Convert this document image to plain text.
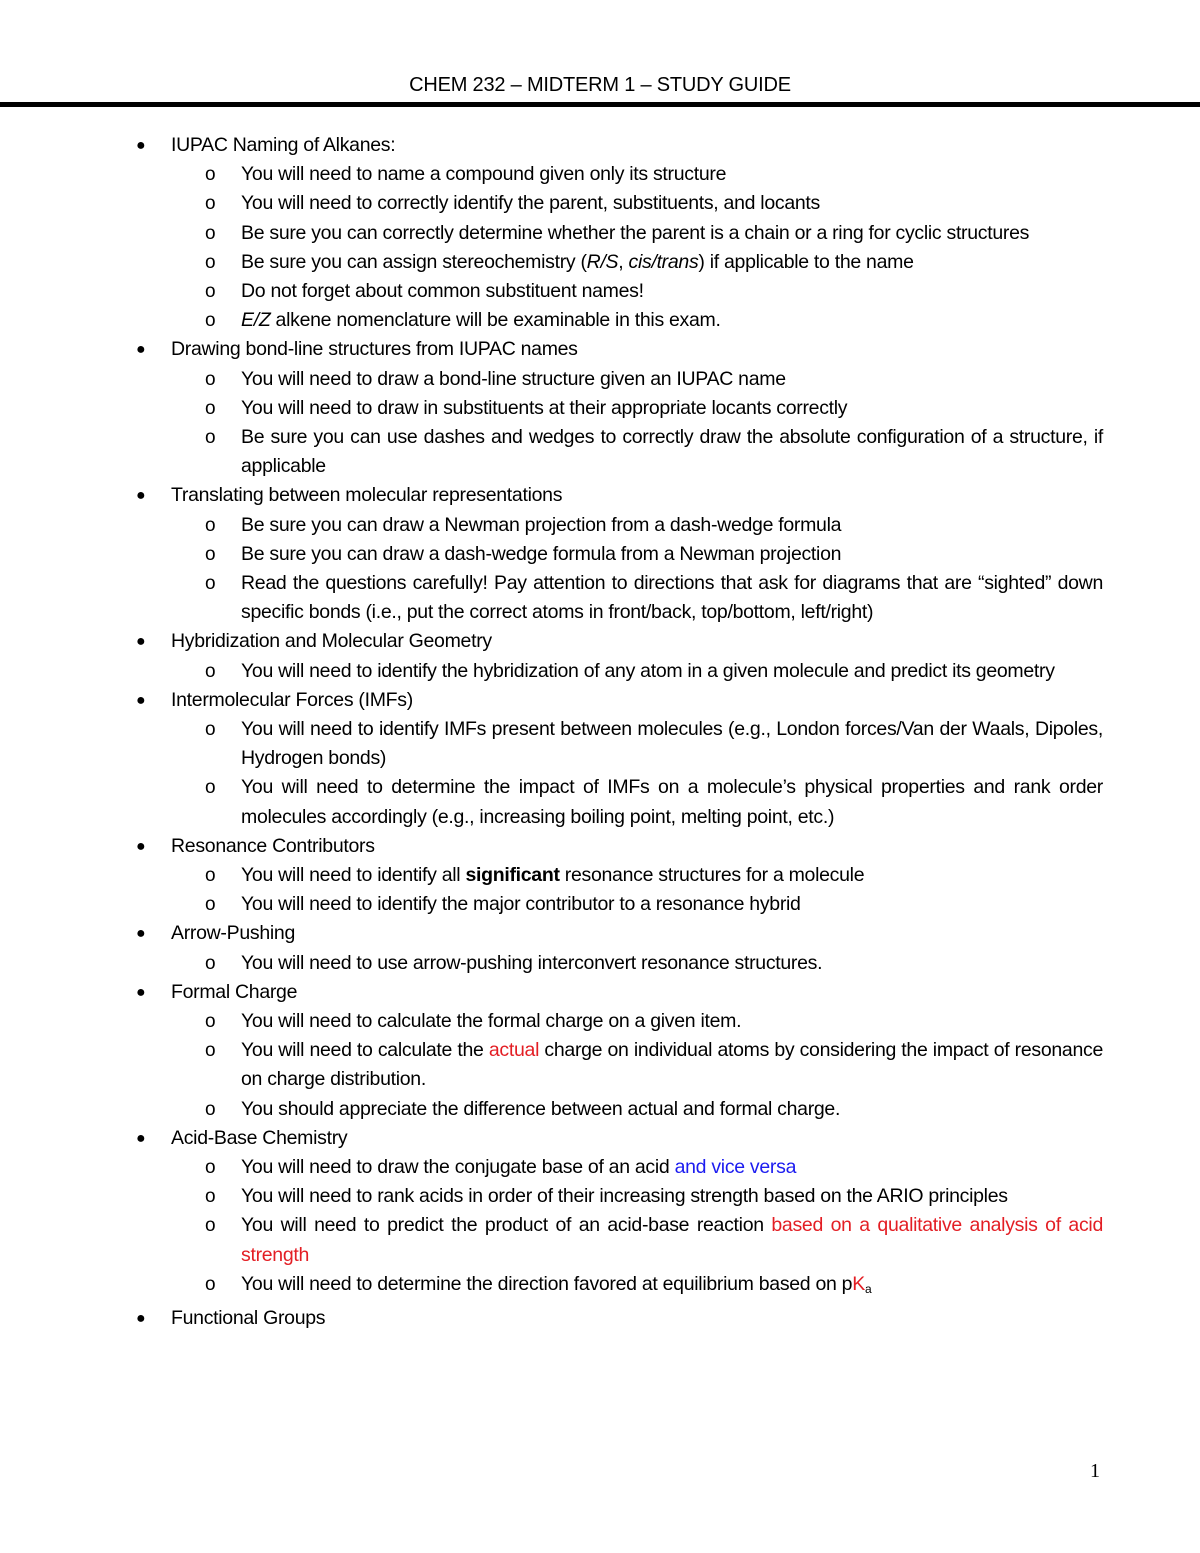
CHEM 232 – MIDTERM 1 – STUDY GUIDE
● IUPAC Naming of Alkanes:
o You will need to name a compound given only its structure
o You will need to correctly identify the parent, substituents, and locants
o Be sure you can correctly determine whether the parent is a chain or a ring for cyclic structures
o Be sure you can assign stereochemistry (R/S, cis/trans) if applicable to the name
o Do not forget about common substituent names!
o E/Z alkene nomenclature will be examinable in this exam.
● Drawing bond-line structures from IUPAC names
o You will need to draw a bond-line structure given an IUPAC name
o You will need to draw in substituents at their appropriate locants correctly
o Be sure you can use dashes and wedges to correctly draw the absolute configuration of a structure, if applicable
● Translating between molecular representations
o Be sure you can draw a Newman projection from a dash-wedge formula
o Be sure you can draw a dash-wedge formula from a Newman projection
o Read the questions carefully! Pay attention to directions that ask for diagrams that are “sighted” down specific bonds (i.e., put the correct atoms in front/back, top/bottom, left/right)
● Hybridization and Molecular Geometry
o You will need to identify the hybridization of any atom in a given molecule and predict its geometry
● Intermolecular Forces (IMFs)
o You will need to identify IMFs present between molecules (e.g., London forces/Van der Waals, Dipoles, Hydrogen bonds)
o You will need to determine the impact of IMFs on a molecule’s physical properties and rank order molecules accordingly (e.g., increasing boiling point, melting point, etc.)
● Resonance Contributors
o You will need to identify all significant resonance structures for a molecule
o You will need to identify the major contributor to a resonance hybrid
● Arrow-Pushing
o You will need to use arrow-pushing interconvert resonance structures.
● Formal Charge
o You will need to calculate the formal charge on a given item.
o You will need to calculate the actual charge on individual atoms by considering the impact of resonance on charge distribution.
o You should appreciate the difference between actual and formal charge.
● Acid-Base Chemistry
o You will need to draw the conjugate base of an acid and vice versa
o You will need to rank acids in order of their increasing strength based on the ARIO principles
o You will need to predict the product of an acid-base reaction based on a qualitative analysis of acid strength
o You will need to determine the direction favored at equilibrium based on $pK_a$
● Functional Groups
1
